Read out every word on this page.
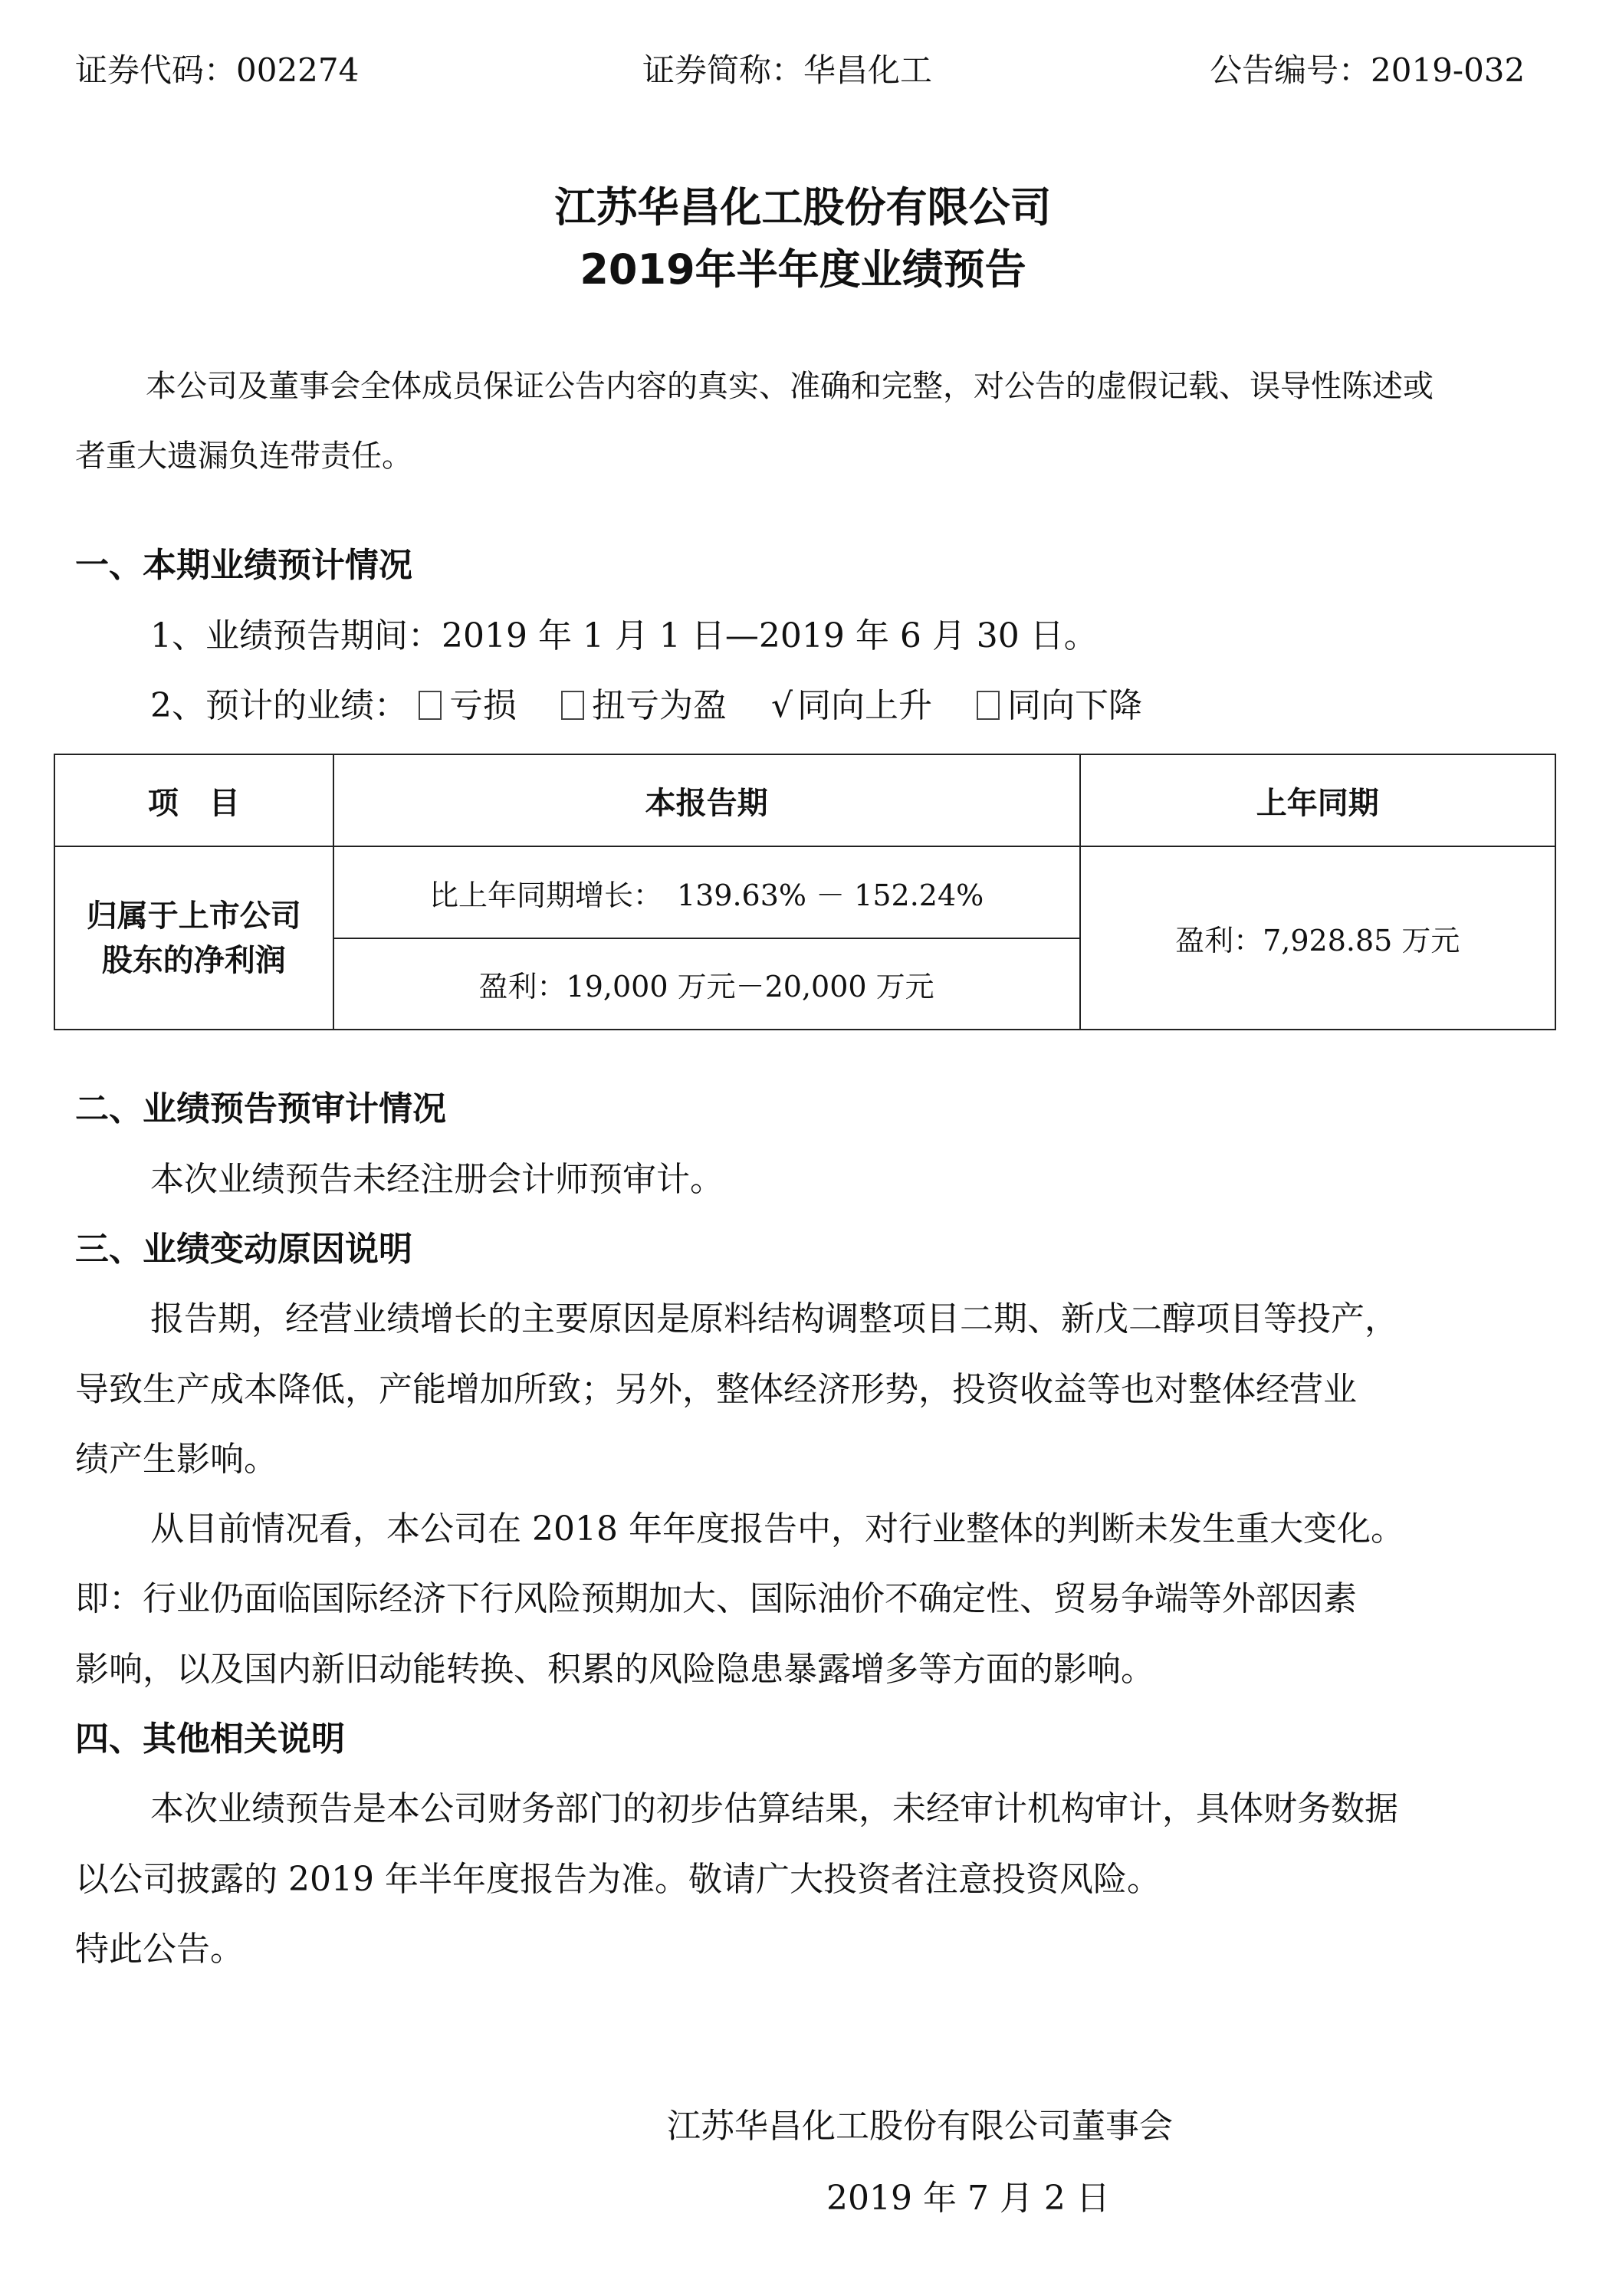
证券代码：002274	证券简称：华昌化工	公告编号：2019-032
江苏华昌化工股份有限公司
2019年半年度业绩预告
本公司及董事会全体成员保证公告内容的真实、准确和完整，对公告的虚假记载、误导性陈述或
者重大遗漏负连带责任。
一、本期业绩预计情况
1、业绩预告期间：2019 年 1 月 1 日—2019 年 6 月 30 日。
2、预计的业绩： 亏损 扭亏为盈 √ 同向上升 同向下降
项　目	本报告期	上年同期

归属于上市公司
股东的净利润	比上年同期增长：　139.63% － 152.24%	盈利：7,928.85 万元
	盈利：19,000 万元－20,000 万元	
二、业绩预告预审计情况
本次业绩预告未经注册会计师预审计。
三、业绩变动原因说明
报告期，经营业绩增长的主要原因是原料结构调整项目二期、新戊二醇项目等投产，
导致生产成本降低，产能增加所致；另外，整体经济形势，投资收益等也对整体经营业
绩产生影响。
从目前情况看，本公司在 2018 年年度报告中，对行业整体的判断未发生重大变化。
即：行业仍面临国际经济下行风险预期加大、国际油价不确定性、贸易争端等外部因素
影响，以及国内新旧动能转换、积累的风险隐患暴露增多等方面的影响。
四、其他相关说明
本次业绩预告是本公司财务部门的初步估算结果，未经审计机构审计，具体财务数据
以公司披露的 2019 年半年度报告为准。敬请广大投资者注意投资风险。
特此公告。
江苏华昌化工股份有限公司董事会
2019 年 7 月 2 日
